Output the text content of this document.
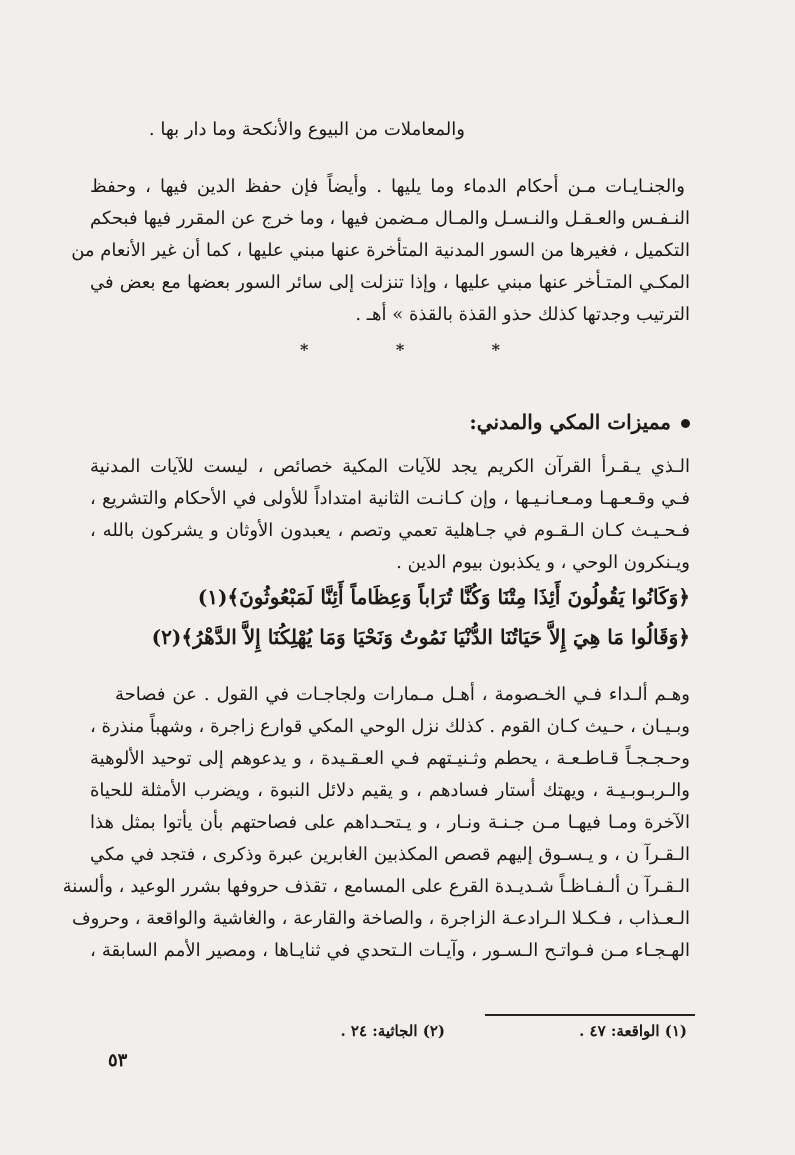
والمعاملات من البيوع والأنكحة وما دار بها .
والجنـايـات مـن أحكام الدماء وما يليها . وأيضاً فإن حفظ الدين فيها ، وحفظ
النـفـس والعـقـل والنـسـل والمـال مـضمن فيها ، وما خرج عن المقرر فيها فبحكم
التكميل ، فغيرها من السور المدنية المتأخرة عنها مبني عليها ، كما أن غير الأنعام من
المكـي المتـأخر عنها مبني عليها ، وإذا تنزلت إلى سائر السور بعضها مع بعض في
الترتيب وجدتها كذلك حذو القذة بالقذة » أهـ .
*	*	*
مميزات المكي والمدني:
الـذي يـقـرأ القرآن الكريم يجد للآيات المكية خصائص ، ليست للآيات المدنية
فـي وقـعـهـا ومـعـانـيـها ، وإن كـانـت الثانية امتداداً للأولى في الأحكام والتشريع ،
فـحـيـث كـان الـقـوم في جـاهلية تعمي وتصم ، يعبدون الأوثان و يشركون بالله ،
ويـنكرون الوحي ، و يكذبون بيوم الدين .
﴿وَكَانُوا يَقُولُونَ أَئِذَا مِتْنَا وَكُنَّا تُرَاباً وَعِظَاماً أَئِنَّا لَمَبْعُوثُونَ﴾(١)
﴿وَقَالُوا مَا هِيَ إِلاَّ حَيَاتُنَا الدُّنْيَا نَمُوتُ وَنَحْيَا وَمَا يُهْلِكُنَا إِلاَّ الدَّهْرُ﴾(٢)
وهـم ألـداء فـي الخـصومة ، أهـل مـمارات ولجاجـات في القول . عن فصاحة
وبـيـان ، حـيث كـان القوم . كذلك نزل الوحي المكي قوارع زاجرة ، وشهباً منذرة ،
وحـجـجـاً قـاطـعـة ، يحطم وثـنيـتهم فـي العـقـيدة ، و يدعوهم إلى توحيد الألوهية
والـربـوبـيـة ، ويهتك أستار فسادهم ، و يقيم دلائل النبوة ، ويضرب الأمثلة للحياة
الآخرة ومـا فيهـا مـن جـنـة ونـار ، و يـتحـداهم على فصاحتهم بأن يأتوا بمثل هذا
الـقـرآ ن ، و يـسـوق إليهم قصص المكذبين الغابرين عبرة وذكرى ، فتجد في مكي
الـقـرآ ن ألـفـاظـاً شـديـدة القرع على المسامع ، تقذف حروفها بشرر الوعيد ، وألسنة
الـعـذاب ، فـكـلا الـرادعـة الزاجرة ، والصاخة والقارعة ، والغاشية والواقعة ، وحروف
الهـجـاء مـن فـواتـح الـسـور ، وآيـات الـتحدي في ثنايـاها ، ومصير الأمم السابقة ،
(١) الواقعة: ٤٧ .
(٢) الجاثية: ٢٤ .
٥٣
